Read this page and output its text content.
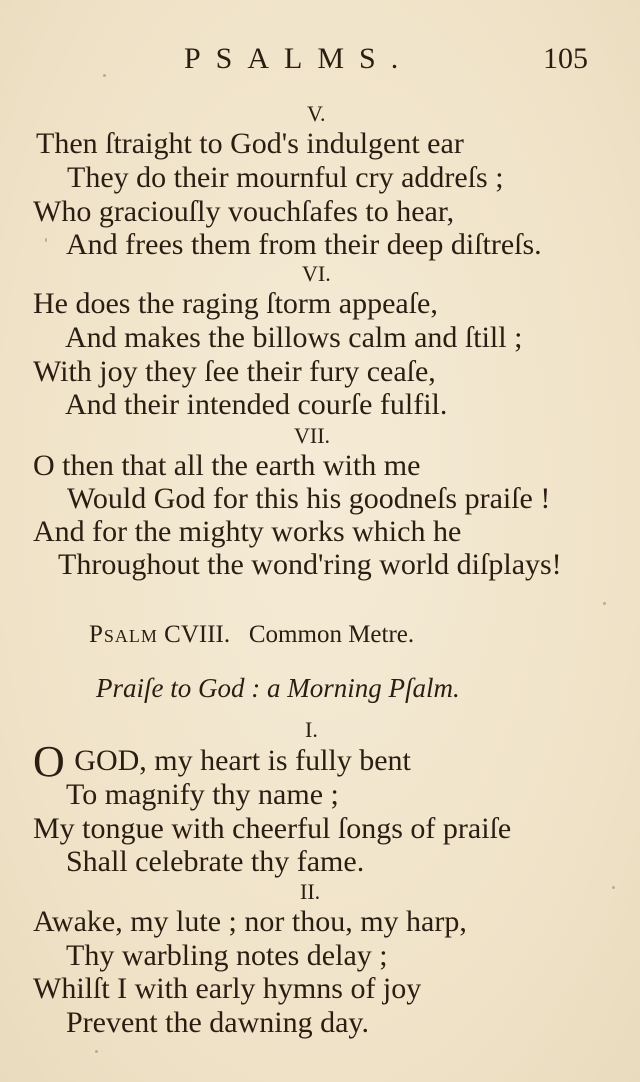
PSALMS.	105
V.
Then ſtraight to God's indulgent ear
They do their mournful cry addreſs ;
Who graciouſly vouchſafes to hear,
And frees them from their deep diſtreſs.
VI.
He does the raging ſtorm appeaſe,
And makes the billows calm and ſtill ;
With joy they ſee their fury ceaſe,
And their intended courſe fulfil.
VII.
O then that all the earth with me
Would God for this his goodneſs praiſe !
And for the mighty works which he
Throughout the wond'ring world diſplays!
Psalm CVIII.   Common Metre.
Praiſe to God : a Morning Pſalm.
I.
O GOD, my heart is fully bent
To magnify thy name ;
My tongue with cheerful ſongs of praiſe
Shall celebrate thy fame.
II.
Awake, my lute ; nor thou, my harp,
Thy warbling notes delay ;
Whilſt I with early hymns of joy
Prevent the dawning day.
